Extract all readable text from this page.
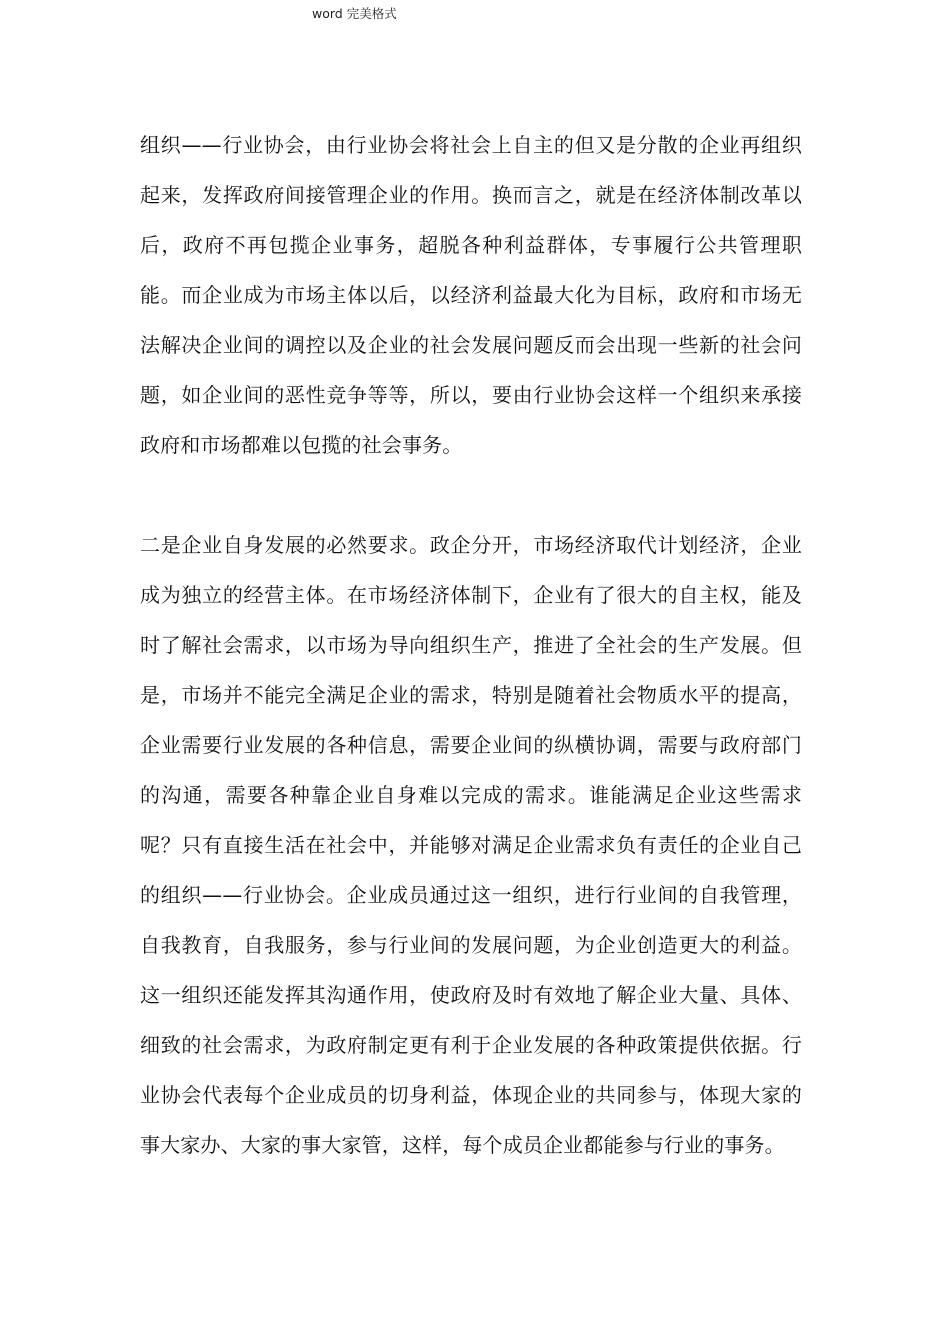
word 完美格式

组织——行业协会，由行业协会将社会上自主的但又是分散的企业再组织起来，发挥政府间接管理企业的作用。换而言之，就是在经济体制改革以后，政府不再包揽企业事务，超脱各种利益群体，专事履行公共管理职能。而企业成为市场主体以后，以经济利益最大化为目标，政府和市场无法解决企业间的调控以及企业的社会发展问题反而会出现一些新的社会问题，如企业间的恶性竞争等等，所以，要由行业协会这样一个组织来承接政府和市场都难以包揽的社会事务。

二是企业自身发展的必然要求。政企分开，市场经济取代计划经济，企业成为独立的经营主体。在市场经济体制下，企业有了很大的自主权，能及时了解社会需求，以市场为导向组织生产，推进了全社会的生产发展。但是，市场并不能完全满足企业的需求，特别是随着社会物质水平的提高，企业需要行业发展的各种信息，需要企业间的纵横协调，需要与政府部门的沟通，需要各种靠企业自身难以完成的需求。谁能满足企业这些需求呢？只有直接生活在社会中，并能够对满足企业需求负有责任的企业自己的组织——行业协会。企业成员通过这一组织，进行行业间的自我管理，自我教育，自我服务，参与行业间的发展问题，为企业创造更大的利益。这一组织还能发挥其沟通作用，使政府及时有效地了解企业大量、具体、细致的社会需求，为政府制定更有利于企业发展的各种政策提供依据。行业协会代表每个企业成员的切身利益，体现企业的共同参与，体现大家的事大家办、大家的事大家管，这样，每个成员企业都能参与行业的事务。
